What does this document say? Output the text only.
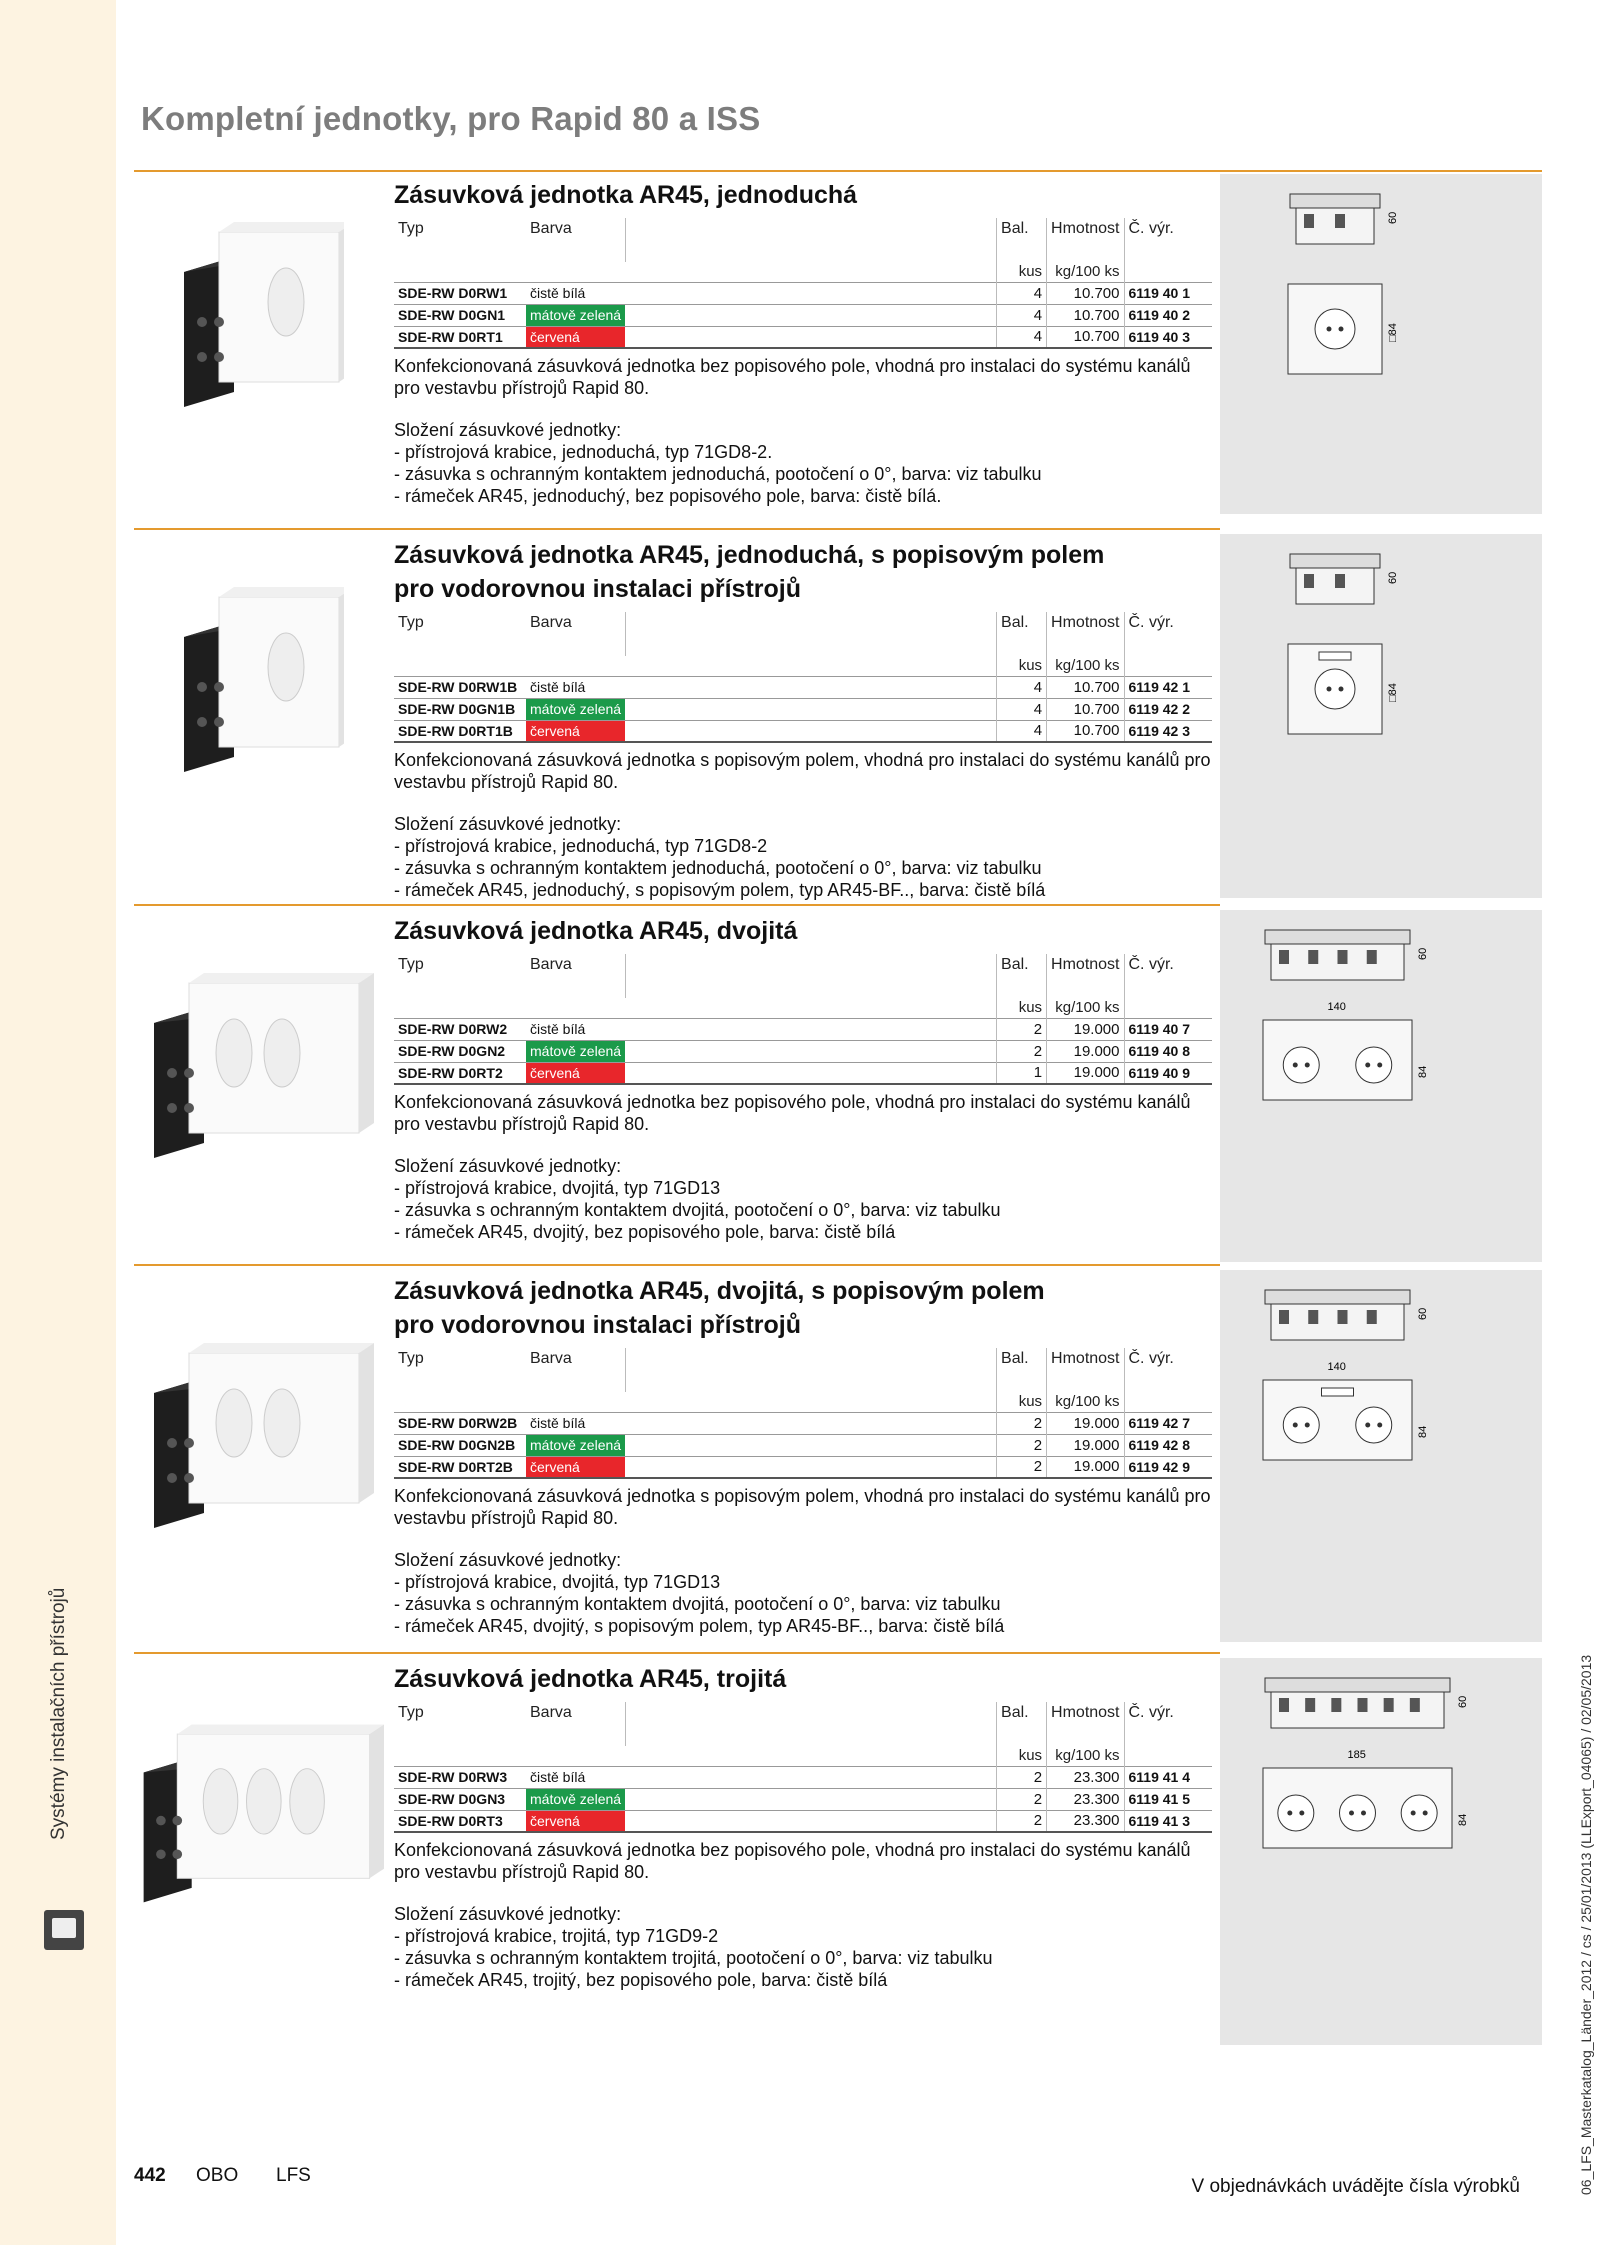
Systémy instalačních přístrojů
Kompletní jednotky, pro Rapid 80 a ISS
60
□84
Zásuvková jednotka AR45, jednoduchá
Typ	Barva		Bal.	Hmotnost	Č. výr.
			kus	kg/100 ks	
SDE-RW D0RW1	čistě bílá		4	10.700	6119 40 1
SDE-RW D0GN1	mátově zelená		4	10.700	6119 40 2
SDE-RW D0RT1	červená		4	10.700	6119 40 3
Konfekcionovaná zásuvková jednotka bez popisového pole, vhodná pro instalaci do systému kanálů pro vestavbu přístrojů Rapid 80.
Složení zásuvkové jednotky:
- přístrojová krabice, jednoduchá, typ 71GD8-2.
- zásuvka s ochranným kontaktem jednoduchá, pootočení o 0°, barva: viz tabulku
- rámeček AR45, jednoduchý, bez popisového pole, barva: čistě bílá.
60
□84
Zásuvková jednotka AR45, jednoduchá, s popisovým polem
pro vodorovnou instalaci přístrojů
Typ	Barva		Bal.	Hmotnost	Č. výr.
			kus	kg/100 ks	
SDE-RW D0RW1B	čistě bílá		4	10.700	6119 42 1
SDE-RW D0GN1B	mátově zelená		4	10.700	6119 42 2
SDE-RW D0RT1B	červená		4	10.700	6119 42 3
Konfekcionovaná zásuvková jednotka s popisovým polem, vhodná pro instalaci do systému kanálů pro vestavbu přístrojů Rapid 80.
Složení zásuvkové jednotky:
- přístrojová krabice, jednoduchá, typ 71GD8-2
- zásuvka s ochranným kontaktem jednoduchá, pootočení o 0°, barva: viz tabulku
- rámeček AR45, jednoduchý, s popisovým polem, typ AR45-BF.., barva: čistě bílá
60
84
140
Zásuvková jednotka AR45, dvojitá
Typ	Barva		Bal.	Hmotnost	Č. výr.
			kus	kg/100 ks	
SDE-RW D0RW2	čistě bílá		2	19.000	6119 40 7
SDE-RW D0GN2	mátově zelená		2	19.000	6119 40 8
SDE-RW D0RT2	červená		1	19.000	6119 40 9
Konfekcionovaná zásuvková jednotka bez popisového pole, vhodná pro instalaci do systému kanálů pro vestavbu přístrojů Rapid 80.
Složení zásuvkové jednotky:
- přístrojová krabice, dvojitá, typ 71GD13
- zásuvka s ochranným kontaktem dvojitá, pootočení o 0°, barva: viz tabulku
- rámeček AR45, dvojitý, bez popisového pole, barva: čistě bílá
60
84
140
Zásuvková jednotka AR45, dvojitá, s popisovým polem
pro vodorovnou instalaci přístrojů
Typ	Barva		Bal.	Hmotnost	Č. výr.
			kus	kg/100 ks	
SDE-RW D0RW2B	čistě bílá		2	19.000	6119 42 7
SDE-RW D0GN2B	mátově zelená		2	19.000	6119 42 8
SDE-RW D0RT2B	červená		2	19.000	6119 42 9
Konfekcionovaná zásuvková jednotka s popisovým polem, vhodná pro instalaci do systému kanálů pro vestavbu přístrojů Rapid 80.
Složení zásuvkové jednotky:
- přístrojová krabice, dvojitá, typ 71GD13
- zásuvka s ochranným kontaktem dvojitá, pootočení o 0°, barva: viz tabulku
- rámeček AR45, dvojitý, s popisovým polem, typ AR45-BF.., barva: čistě bílá
60
84
185
Zásuvková jednotka AR45, trojitá
Typ	Barva		Bal.	Hmotnost	Č. výr.
			kus	kg/100 ks	
SDE-RW D0RW3	čistě bílá		2	23.300	6119 41 4
SDE-RW D0GN3	mátově zelená		2	23.300	6119 41 5
SDE-RW D0RT3	červená		2	23.300	6119 41 3
Konfekcionovaná zásuvková jednotka bez popisového pole, vhodná pro instalaci do systému kanálů pro vestavbu přístrojů Rapid 80.
Složení zásuvkové jednotky:
- přístrojová krabice, trojitá, typ 71GD9-2
- zásuvka s ochranným kontaktem trojitá, pootočení o 0°, barva: viz tabulku
- rámeček AR45, trojitý, bez popisového pole, barva: čistě bílá
442 OBO LFS
V objednávkách uvádějte čísla výrobků	06_LFS_Masterkatalog_Länder_2012 / cs / 25/01/2013 (LLExport_04065) / 02/05/2013
